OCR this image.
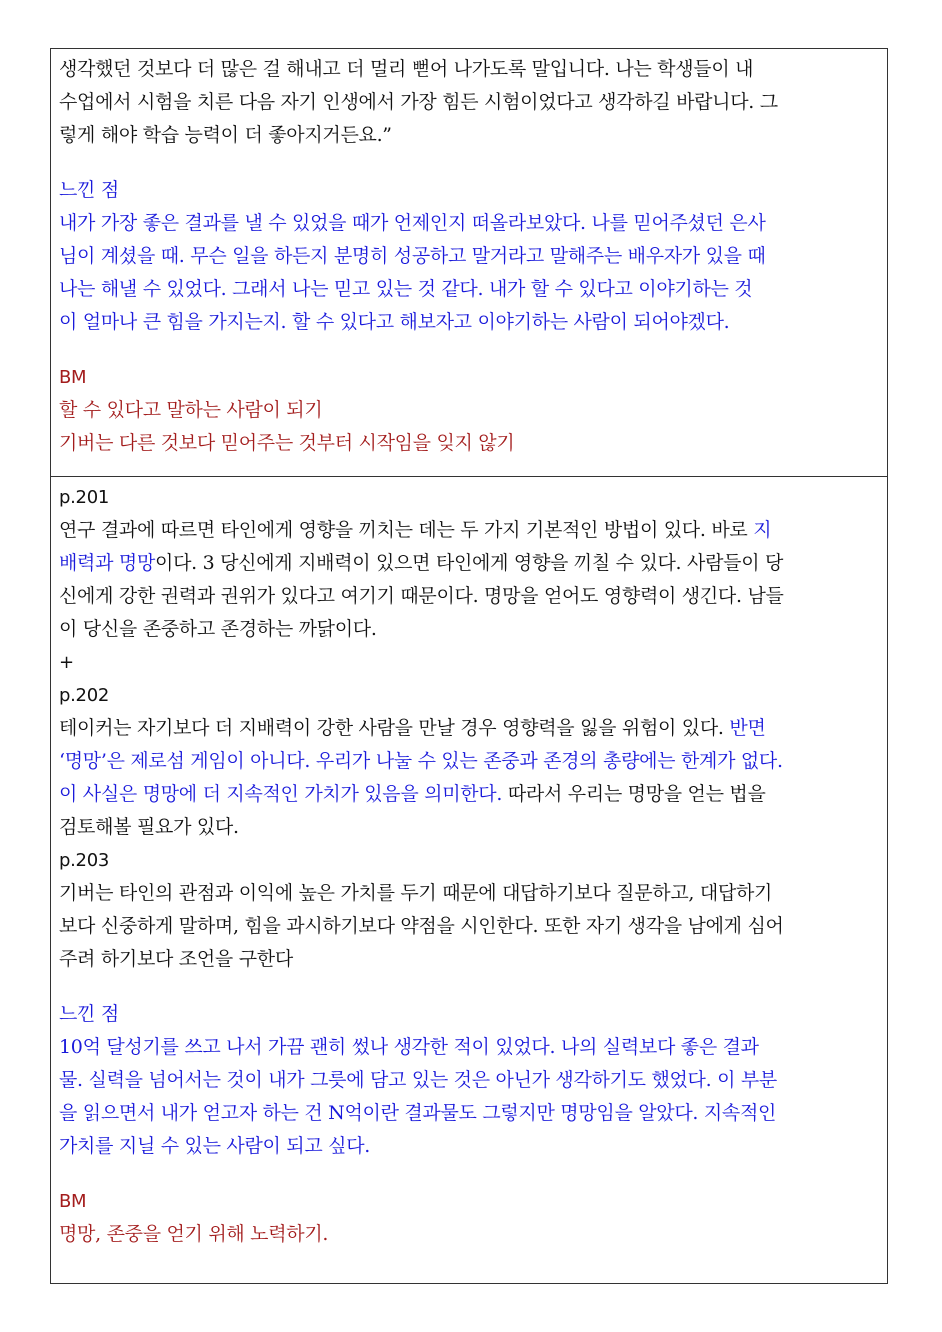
생각했던 것보다 더 많은 걸 해내고 더 멀리 뻗어 나가도록 말입니다. 나는 학생들이 내
수업에서 시험을 치른 다음 자기 인생에서 가장 힘든 시험이었다고 생각하길 바랍니다. 그
렇게 해야 학습 능력이 더 좋아지거든요.”
느낀 점
내가 가장 좋은 결과를 낼 수 있었을 때가 언제인지 떠올라보았다. 나를 믿어주셨던 은사
님이 계셨을 때. 무슨 일을 하든지 분명히 성공하고 말거라고 말해주는 배우자가 있을 때
나는 해낼 수 있었다. 그래서 나는 믿고 있는 것 같다. 내가 할 수 있다고 이야기하는 것
이 얼마나 큰 힘을 가지는지. 할 수 있다고 해보자고 이야기하는 사람이 되어야겠다.
BM
할 수 있다고 말하는 사람이 되기
기버는 다른 것보다 믿어주는 것부터 시작임을 잊지 않기
p.201
연구 결과에 따르면 타인에게 영향을 끼치는 데는 두 가지 기본적인 방법이 있다. 바로 지
배력과 명망이다. 3 당신에게 지배력이 있으면 타인에게 영향을 끼칠 수 있다. 사람들이 당
신에게 강한 권력과 권위가 있다고 여기기 때문이다. 명망을 얻어도 영향력이 생긴다. 남들
이 당신을 존중하고 존경하는 까닭이다.
+
p.202
테이커는 자기보다 더 지배력이 강한 사람을 만날 경우 영향력을 잃을 위험이 있다. 반면
‘명망’은 제로섬 게임이 아니다. 우리가 나눌 수 있는 존중과 존경의 총량에는 한계가 없다.
이 사실은 명망에 더 지속적인 가치가 있음을 의미한다. 따라서 우리는 명망을 얻는 법을
검토해볼 필요가 있다.
p.203
기버는 타인의 관점과 이익에 높은 가치를 두기 때문에 대답하기보다 질문하고, 대답하기
보다 신중하게 말하며, 힘을 과시하기보다 약점을 시인한다. 또한 자기 생각을 남에게 심어
주려 하기보다 조언을 구한다
느낀 점
10억 달성기를 쓰고 나서 가끔 괜히 썼나 생각한 적이 있었다. 나의 실력보다 좋은 결과
물. 실력을 넘어서는 것이 내가 그릇에 담고 있는 것은 아닌가 생각하기도 했었다. 이 부분
을 읽으면서 내가 얻고자 하는 건 N억이란 결과물도 그렇지만 명망임을 알았다. 지속적인
가치를 지닐 수 있는 사람이 되고 싶다.
BM
명망, 존중을 얻기 위해 노력하기.
